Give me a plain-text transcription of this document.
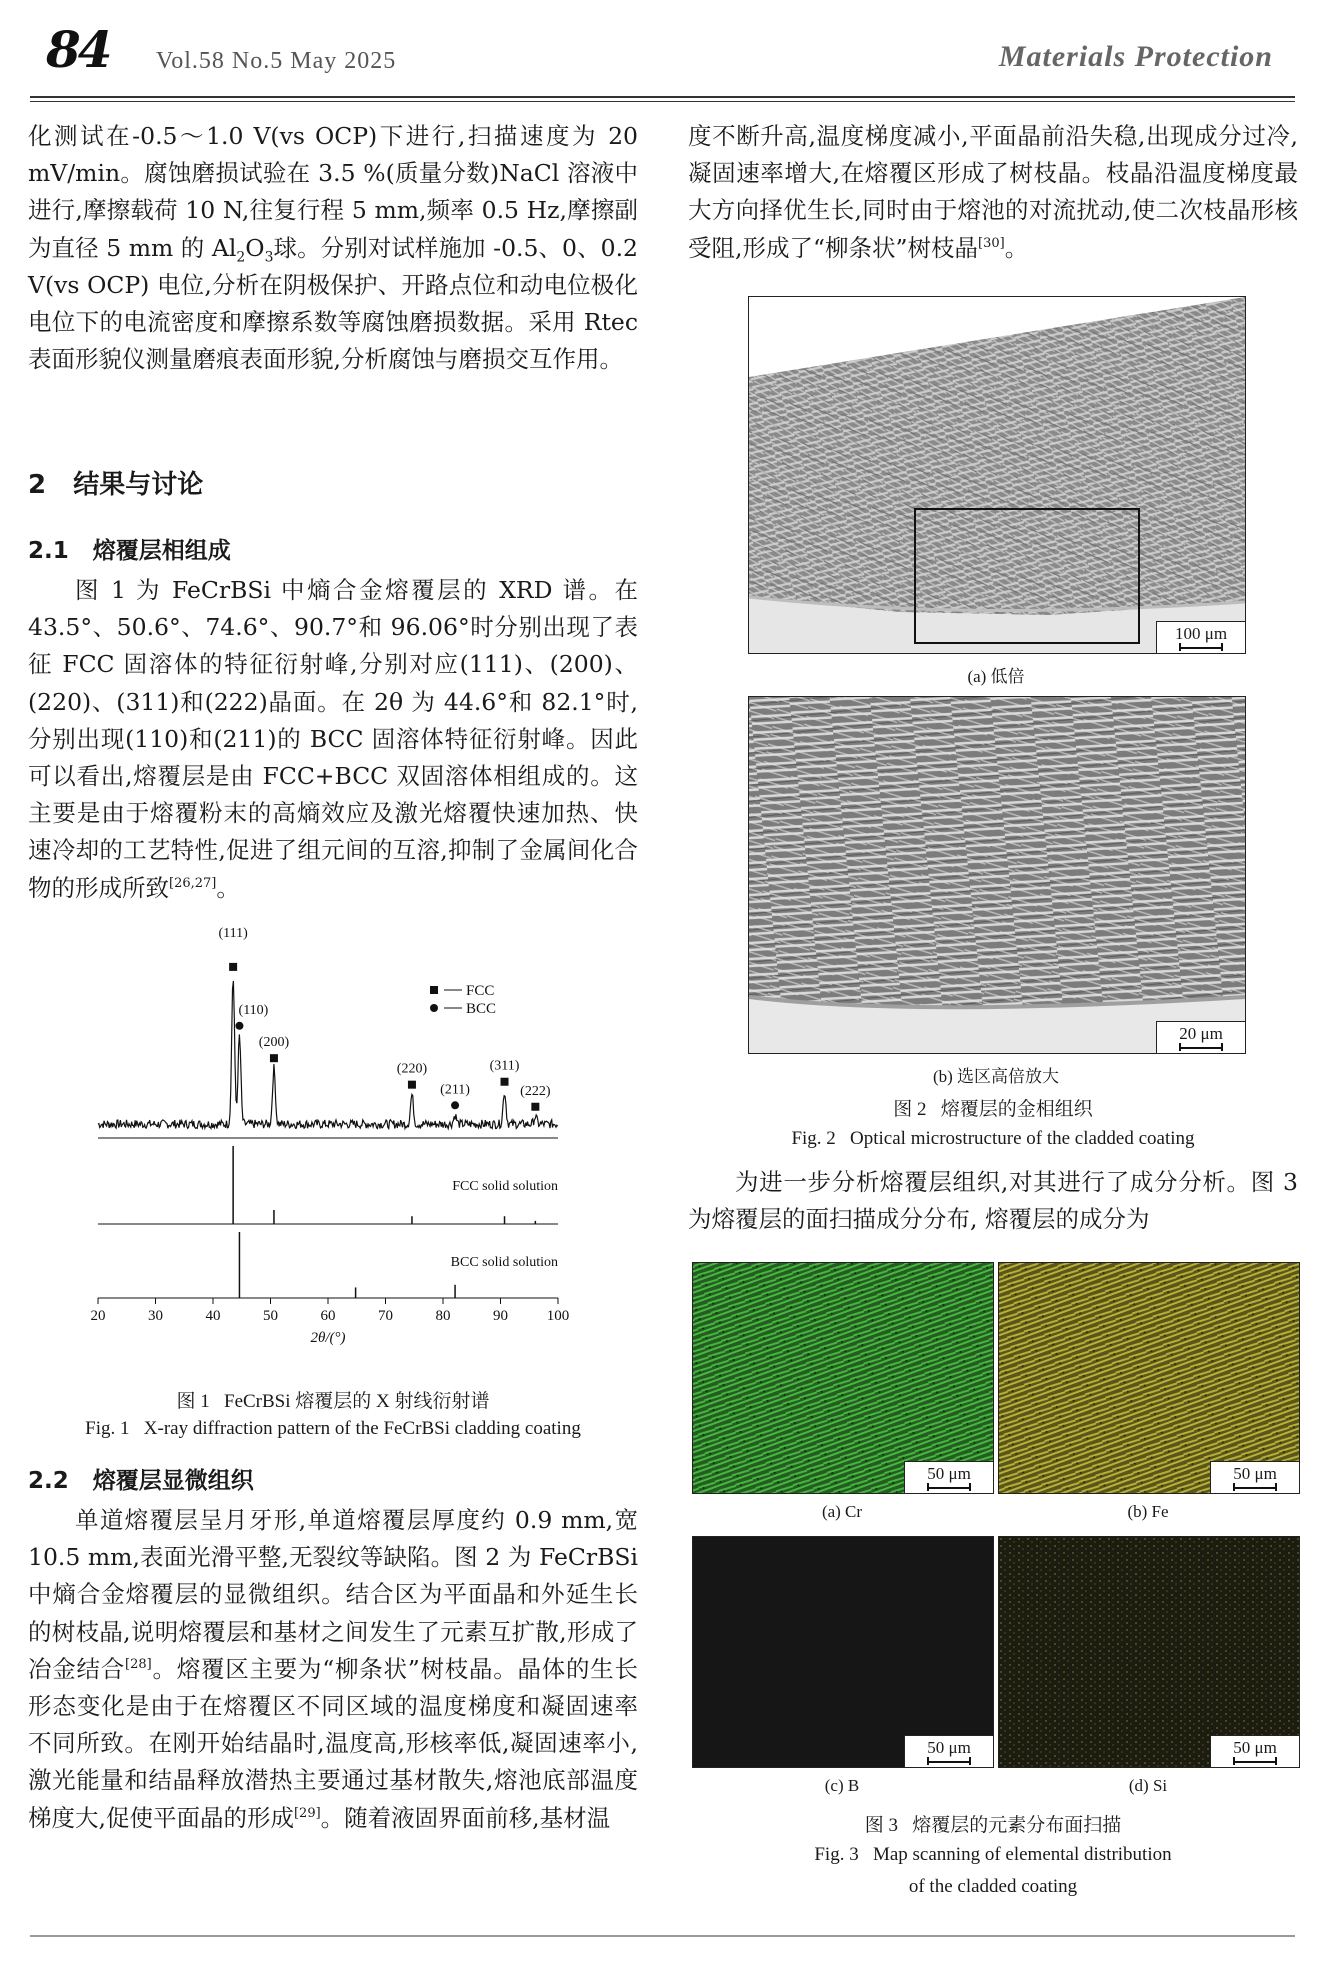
84 Vol.58 No.5 May 2025	Materials Protection

化测试在-0.5～1.0 V(vs OCP)下进行,扫描速度为 20 mV/min。腐蚀磨损试验在 3.5 %(质量分数)NaCl 溶液中进行,摩擦载荷 10 N,往复行程 5 mm,频率 0.5 Hz,摩擦副为直径 5 mm 的 $Al_2O_3$球。分别对试样施加 -0.5、0、0.2 V(vs OCP) 电位,分析在阴极保护、开路点位和动电位极化电位下的电流密度和摩擦系数等腐蚀磨损数据。采用 Rtec 表面形貌仪测量磨痕表面形貌,分析腐蚀与磨损交互作用。

2   结果与讨论
2.1   熔覆层相组成

图 1 为 FeCrBSi 中熵合金熔覆层的 XRD 谱。在 43.5°、50.6°、74.6°、90.7°和 96.06°时分别出现了表征 FCC 固溶体的特征衍射峰,分别对应(111)、(200)、(220)、(311)和(222)晶面。在 2θ 为 44.6°和 82.1°时,分别出现(110)和(211)的 BCC 固溶体特征衍射峰。因此可以看出,熔覆层是由 FCC+BCC 双固溶体相组成的。这主要是由于熔覆粉末的高熵效应及激光熔覆快速加热、快速冷却的工艺特性,促进了组元间的互溶,抑制了金属间化合物的形成所致[26,27]。

(111)
(110)
(200)
(220)
(211)
(311)
(222)
FCC
BCC
FCC solid solution
BCC solid solution
20	30	40	50	60	70	80	90	100
2θ/(°)
图 1   FeCrBSi 熔覆层的 X 射线衍射谱
Fig. 1   X-ray diffraction pattern of the FeCrBSi cladding coating
2.2   熔覆层显微组织

单道熔覆层呈月牙形,单道熔覆层厚度约 0.9 mm,宽 10.5 mm,表面光滑平整,无裂纹等缺陷。图 2 为 FeCrBSi 中熵合金熔覆层的显微组织。结合区为平面晶和外延生长的树枝晶,说明熔覆层和基材之间发生了元素互扩散,形成了冶金结合[28]。熔覆区主要为“柳条状”树枝晶。晶体的生长形态变化是由于在熔覆区不同区域的温度梯度和凝固速率不同所致。在刚开始结晶时,温度高,形核率低,凝固速率小,激光能量和结晶释放潜热主要通过基材散失,熔池底部温度梯度大,促使平面晶的形成[29]。随着液固界面前移,基材温

度不断升高,温度梯度减小,平面晶前沿失稳,出现成分过冷,凝固速率增大,在熔覆区形成了树枝晶。枝晶沿温度梯度最大方向择优生长,同时由于熔池的对流扰动,使二次枝晶形核受阻,形成了“柳条状”树枝晶[30]。

100 μm
(a) 低倍
20 μm
(b) 选区高倍放大
图 2   熔覆层的金相组织
Fig. 2   Optical microstructure of the cladded coating

为进一步分析熔覆层组织,对其进行了成分分析。图 3 为熔覆层的面扫描成分分布, 熔覆层的成分为

50 μm	50 μm
(a) Cr	(b) Fe
50 μm	50 μm
(c) B	(d) Si
图 3   熔覆层的元素分布面扫描
Fig. 3   Map scanning of elemental distribution
of the cladded coating
